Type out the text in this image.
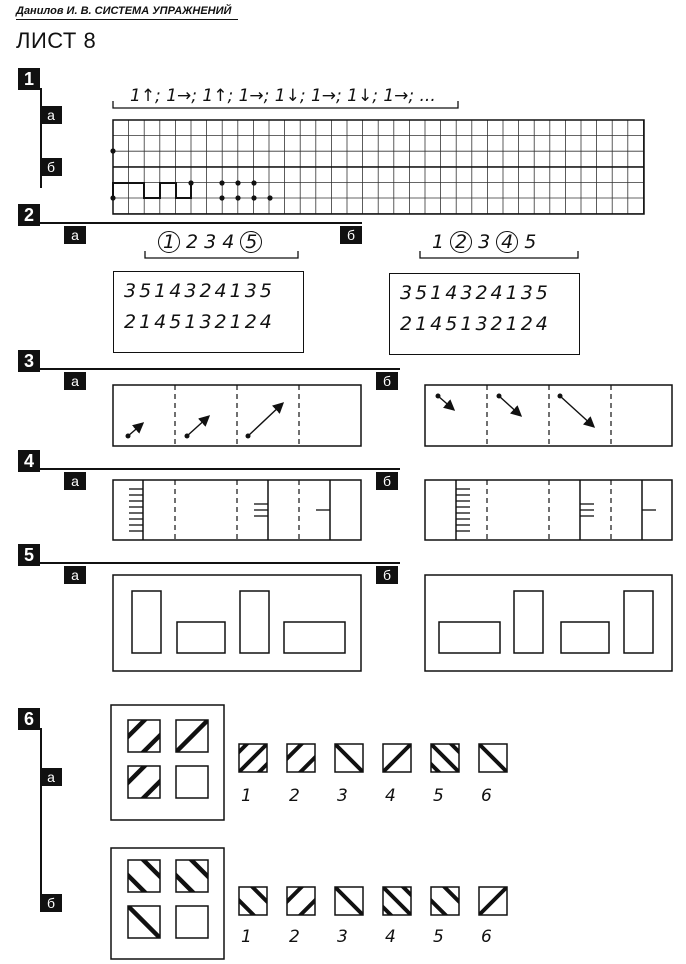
Данилов И. В. СИСТЕМА УПРАЖНЕНИЙ
ЛИСТ 8
1
а
б
1↑; 1→; 1↑; 1→; 1↓; 1→; 1↓; 1→; ...
2
а	б
1 2 3 4 5	1 2 3 4 5
3514324135
2145132124
3514324135
2145132124
3
а	б
4
а	б
5
а	б
6
а
б
1 2 3 4 5 6
1 2 3 4 5 6
